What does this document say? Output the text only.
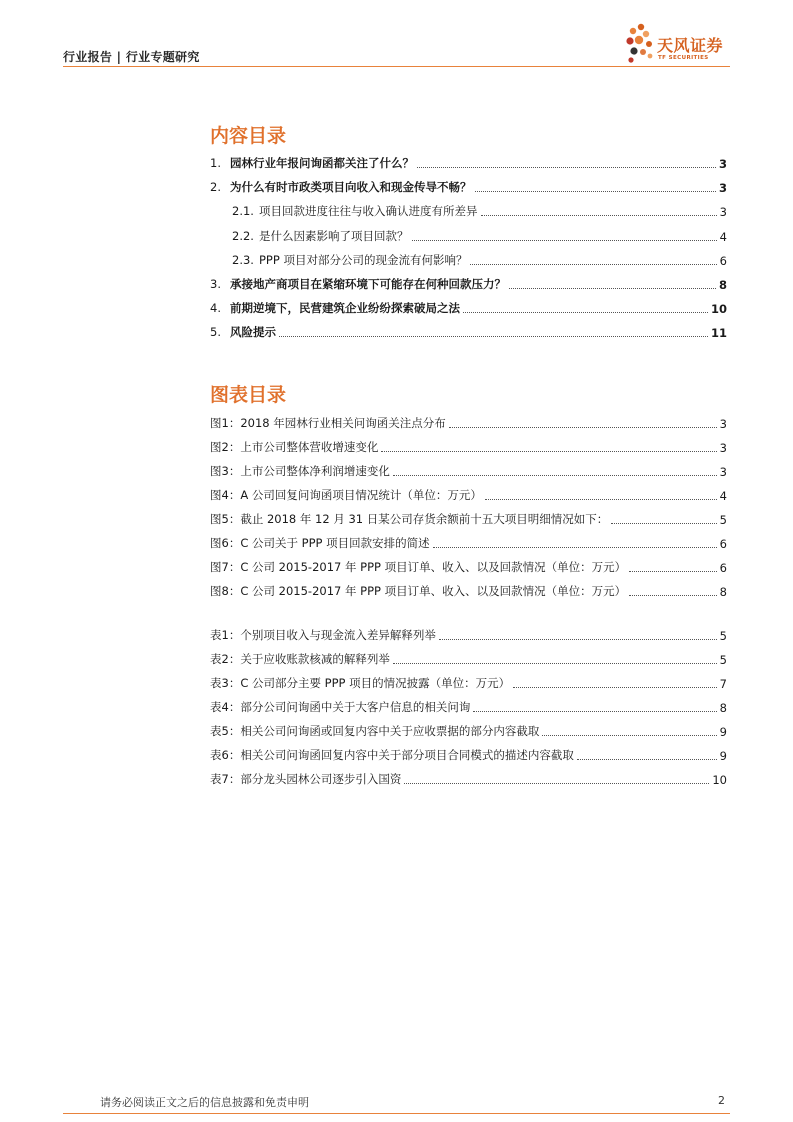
行业报告 | 行业专题研究
天风证券
TF SECURITIES
内容目录
1. 园林行业年报问询函都关注了什么？	3
2. 为什么有时市政类项目向收入和现金传导不畅？	3
2.1. 项目回款进度往往与收入确认进度有所差异	3
2.2. 是什么因素影响了项目回款？	4
2.3. PPP 项目对部分公司的现金流有何影响？	6
3. 承接地产商项目在紧缩环境下可能存在何种回款压力？	8
4. 前期逆境下，民营建筑企业纷纷探索破局之法	10
5. 风险提示	11
图表目录
图1：2018 年园林行业相关问询函关注点分布	3
图2：上市公司整体营收增速变化	3
图3：上市公司整体净利润增速变化	3
图4：A 公司回复问询函项目情况统计（单位：万元）	4
图5：截止 2018 年 12 月 31 日某公司存货余额前十五大项目明细情况如下：	5
图6：C 公司关于 PPP 项目回款安排的简述	6
图7：C 公司 2015-2017 年 PPP 项目订单、收入、以及回款情况（单位：万元）	6
图8：C 公司 2015-2017 年 PPP 项目订单、收入、以及回款情况（单位：万元）	8
表1：个别项目收入与现金流入差异解释列举	5
表2：关于应收账款核减的解释列举	5
表3：C 公司部分主要 PPP 项目的情况披露（单位：万元）	7
表4：部分公司问询函中关于大客户信息的相关问询	8
表5：相关公司问询函或回复内容中关于应收票据的部分内容截取	9
表6：相关公司问询函回复内容中关于部分项目合同模式的描述内容截取	9
表7：部分龙头园林公司逐步引入国资	10
请务必阅读正文之后的信息披露和免责申明	2
